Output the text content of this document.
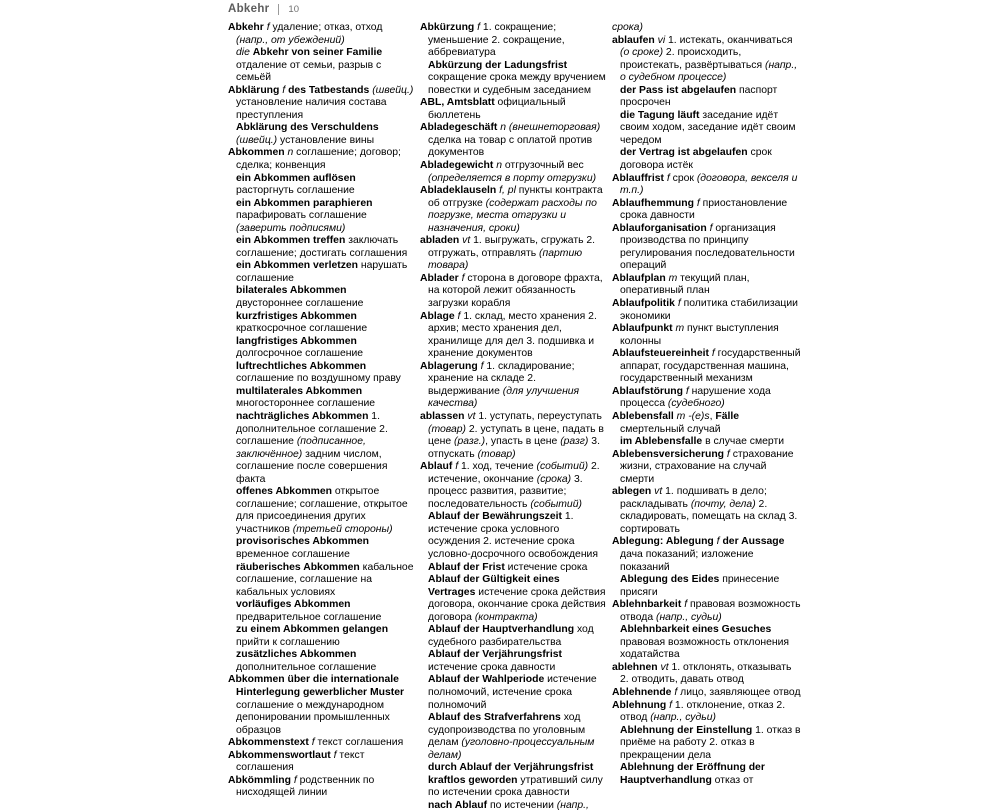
Abkehr 10

Abkehr f удаление; отказ, отход (напр., от убеждений)

die Abkehr von seiner Familie отдаление от семьи, разрыв с семьёй

Abklärung f des Tatbestands (швейц.) установление наличия состава преступления

Abklärung des Verschuldens (швейц.) установление вины

Abkommen n соглашение; договор; сделка; конвенция

ein Abkommen auflösen расторгнуть соглашение

ein Abkommen paraphieren парафировать соглашение (заверить подписями)

ein Abkommen treffen заключать соглашение; достигать соглашения

ein Abkommen verletzen нарушать соглашение

bilaterales Abkommen двустороннее соглашение

kurzfristiges Abkommen краткосрочное соглашение

langfristiges Abkommen долгосрочное соглашение

luftrechtliches Abkommen соглашение по воздушному праву

multilaterales Abkommen многостороннее соглашение

nachträgliches Abkommen 1. дополнительное соглашение 2. соглашение (подписанное, заключённое) задним числом, соглашение после совершения факта

offenes Abkommen открытое соглашение; соглашение, открытое для присоединения других участников (третьей стороны)

provisorisches Abkommen временное соглашение

räuberisches Abkommen кабальное соглашение, соглашение на кабальных условиях

vorläufiges Abkommen предварительное соглашение

zu einem Abkommen gelangen прийти к соглашению

zusätzliches Abkommen дополнительное соглашение

Abkommen über die internationale Hinterlegung gewerblicher Muster соглашение о международном депонировании промышленных образцов

Abkommenstext f текст соглашения

Abkommenswortlaut f текст соглашения

Abkömmling f родственник по нисходящей линии

Abkürzung f 1. сокращение; уменьшение 2. сокращение, аббревиатура

Abkürzung der Ladungsfrist сокращение срока между вручением повестки и судебным заседанием

ABL, Amtsblatt официальный бюллетень

Abladegeschäft n (внешнеторговая) сделка на товар с оплатой против документов

Abladegewicht n отгрузочный вес (определяется в порту отгрузки)

Abladeklauseln f, pl пункты контракта об отгрузке (содержат расходы по погрузке, места отгрузки и назначения, сроки)

abladen vt 1. выгружать, сгружать 2. отгружать, отправлять (партию товара)

Ablader f сторона в договоре фрахта, на которой лежит обязанность загрузки корабля

Ablage f 1. склад, место хранения 2. архив; место хранения дел, хранилище для дел 3. подшивка и хранение документов

Ablagerung f 1. складирование; хранение на складе 2. выдерживание (для улучшения качества)

ablassen vt 1. уступать, переуступать (товар) 2. уступать в цене, падать в цене (разг.), упасть в цене (разг) 3. отпускать (товар)

Ablauf f 1. ход, течение (событий) 2. истечение, окончание (срока) 3. процесс развития, развитие; последовательность (событий)

Ablauf der Bewährungszeit 1. истечение срока условного осуждения 2. истечение срока условно-досрочного освобождения

Ablauf der Frist истечение срока

Ablauf der Gültigkeit eines Vertrages истечение срока действия договора, окончание срока действия договора (контракта)

Ablauf der Hauptverhandlung ход судебного разбирательства

Ablauf der Verjährungsfrist истечение срока давности

Ablauf der Wahlperiode истечение полномочий, истечение срока полномочий

Ablauf des Strafverfahrens ход судопроизводства по уголовным делам (уголовно-процессуальным делам)

durch Ablauf der Verjährungsfrist kraftlos geworden утративший силу по истечении срока давности

nach Ablauf по истечении (напр.,

срока)

ablaufen vi 1. истекать, оканчиваться (о сроке) 2. происходить, проистекать, развёртываться (напр., о судебном процессе)

der Pass ist abgelaufen паспорт просрочен

die Tagung läuft заседание идёт своим ходом, заседание идёт своим чередом

der Vertrag ist abgelaufen срок договора истёк

Ablauffrist f срок (договора, векселя и т.п.)

Ablaufhemmung f приостановление срока давности

Ablauforganisation f организация производства по принципу регулирования последовательности операций

Ablaufplan m текущий план, оперативный план

Ablaufpolitik f политика стабилизации экономики

Ablaufpunkt m пункт выступления колонны

Ablaufsteuereinheit f государственный аппарат, государственная машина, государственный механизм

Ablaufstörung f нарушение хода процесса (судебного)

Ablebensfall m -(e)s, Fälle смертельный случай

im Ablebensfalle в случае смерти

Ablebensversicherung f страхование жизни, страхование на случай смерти

ablegen vt 1. подшивать в дело; раскладывать (почту, дела) 2. складировать, помещать на склад 3. сортировать

Ablegung: Ablegung f der Aussage дача показаний; изложение показаний

Ablegung des Eides принесение присяги

Ablehnbarkeit f правовая возможность отвода (напр., судьи)

Ablehnbarkeit eines Gesuches правовая возможность отклонения ходатайства

ablehnen vt 1. отклонять, отказывать 2. отводить, давать отвод

Ablehnende f лицо, заявляющее отвод

Ablehnung f 1. отклонение, отказ 2. отвод (напр., судьи)

Ablehnung der Einstellung 1. отказ в приёме на работу 2. отказ в прекращении дела

Ablehnung der Eröffnung der Hauptverhandlung отказ от
